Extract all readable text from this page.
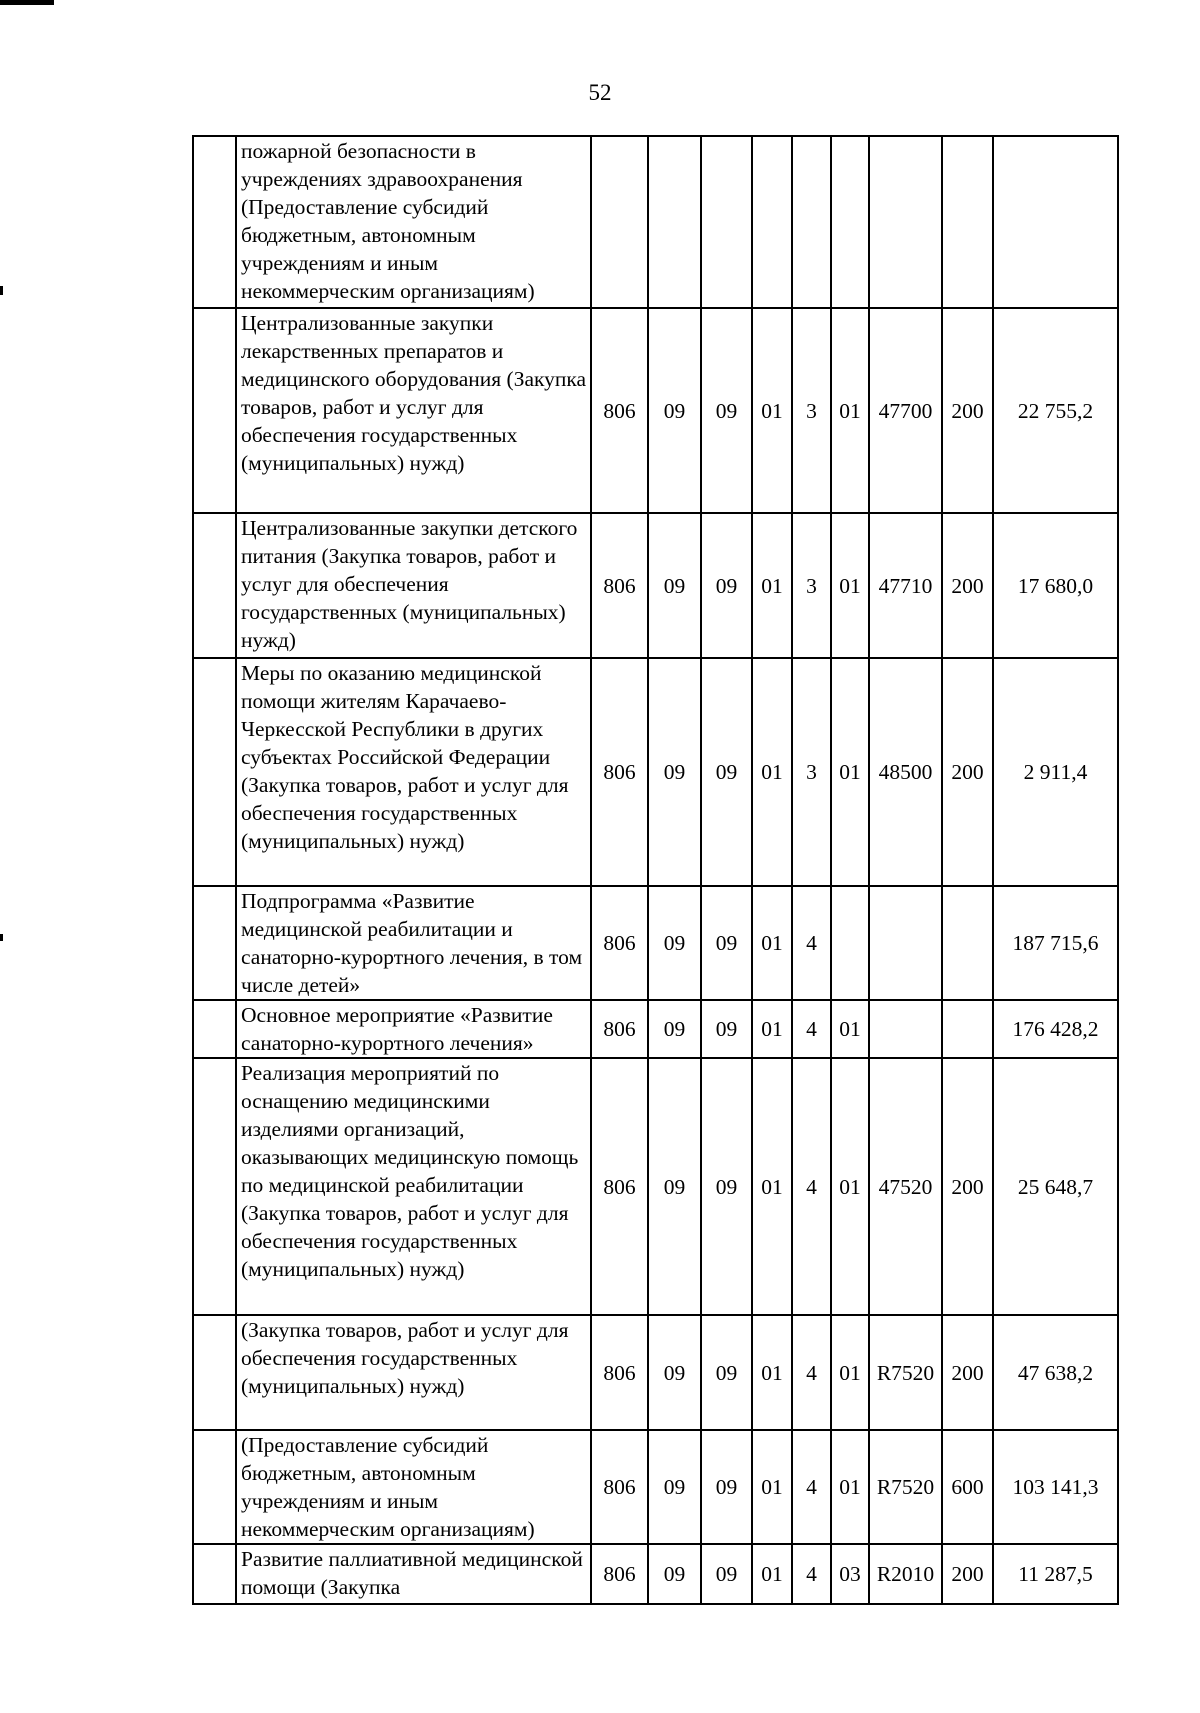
52
	пожарной безопасности в учреждениях здравоохранения (Предоставление субсидий бюджетным, автономным учреждениям и иным некоммерческим организациям)									
	Централизованные закупки лекарственных препаратов и медицинского оборудования (Закупка товаров, работ и услуг для обеспечения государственных (муниципальных) нужд)	806	09	09	01	3	01	47700	200	22 755,2
	Централизованные закупки детского питания (Закупка товаров, работ и услуг для обеспечения государственных (муниципальных) нужд)	806	09	09	01	3	01	47710	200	17 680,0
	Меры по оказанию медицинской помощи жителям Карачаево-Черкесской Республики в других субъектах Российской Федерации (Закупка товаров, работ и услуг для обеспечения государственных (муниципальных) нужд)	806	09	09	01	3	01	48500	200	2 911,4
	Подпрограмма «Развитие медицинской реабилитации и санаторно-курортного лечения, в том числе детей»	806	09	09	01	4				187 715,6
	Основное мероприятие «Развитие санаторно-курортного лечения»	806	09	09	01	4	01			176 428,2
	Реализация мероприятий по оснащению медицинскими изделиями организаций, оказывающих медицинскую помощь по медицинской реабилитации (Закупка товаров, работ и услуг для обеспечения государственных (муниципальных) нужд)	806	09	09	01	4	01	47520	200	25 648,7
	(Закупка товаров, работ и услуг для обеспечения государственных (муниципальных) нужд)	806	09	09	01	4	01	R7520	200	47 638,2
	(Предоставление субсидий бюджетным, автономным учреждениям и иным некоммерческим организациям)	806	09	09	01	4	01	R7520	600	103 141,3
	Развитие паллиативной медицинской помощи (Закупка	806	09	09	01	4	03	R2010	200	11 287,5
